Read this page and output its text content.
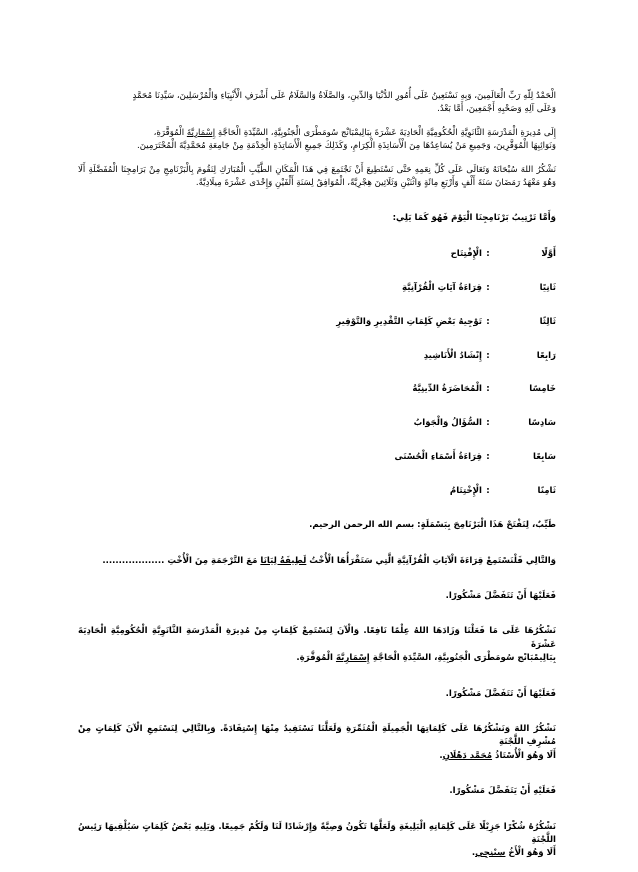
الْحَمْدُ لِلّهِ رَبِّ الْعَالَمِينَ، وَبِهِ نَسْتَعِينُ عَلَى أُمُورِ الدُّنْيَا وَالدِّينِ، وَالصَّلَاةُ وَالسَّلَامُ عَلَى أَشْرَفِ الْأَنْبِيَاءِ وَالْمُرْسَلِينَ، سَيِّدِنَا مُحَمَّدٍ
وَعَلَى آلِهِ وَصَحْبِهِ أَجْمَعِينَ، أَمَّا بَعْدُ.
إِلَى مُدِيرَةِ الْمَدْرَسَةِ الثَّانَوِيَّةِ الْحُكُومِيَّةِ الْحَادِيَةَ عَشْرَةَ بِبَالِيمْبَانْج سُومَطْرَى الْجَنُوبِيَّةِ، السَّيِّدَةِ الْحَاجَّةِ إِسْمَارِيَّةَ الْمُوَقَّرَةِ،
وَنَوَائِبِهَا الْمُوَقَّرِينَ، وَجَمِيعِ مَنْ يُسَاعِدُهَا مِنَ الْأَسَاتِذَةِ الْكِرَامِ، وَكَذَلِكَ جَمِيعِ الْأَسَاتِذَةِ الْخِدْمَةِ مِنْ جَامِعَةِ مُحَمَّدِيَّةَ الْمُحْتَرَمِينَ.
نَشْكُرُ اللهَ سُبْحَانَهُ وَتَعَالَى عَلَى كُلِّ نِعَمِهِ حَتَّى نَسْتَطِيعَ أَنْ نَجْتَمِعَ فِي هَذَا الْمَكَانِ الطَّيِّبِ الْمُبَارَكِ لِنَقُومَ بِالْبَرْنَامِجِ مِنْ بَرَامِجِنَا الْمُفَضَّلَةِ أَلَا وَهُوَ مَعْهَدُ رَمَضَانَ سَنَةَ أَلْفٍ وَأَرْبَعِ مِائَةٍ وَاثْنَيْنِ وَثَلَاثِينَ هِجْرِيَّةً، الْمُوَافِقُ لِسَنَةِ أَلْفَيْنِ وَإِحْدَى عَشْرَةَ مِيلَادِيَّةً.
وَأَمَّا تَرْتِيبُ بَرْنَامِجِنَا الْيَوْمَ فَهُوَ كَمَا يَلِي:
أَوَّلًا
:
الْإِفْتِتَاح
ثَانِيًا
:
قِرَاءَةُ آيَاتِ الْقُرْآنِيَّةِ
ثَالِثًا
:
تَوْجِيهُ بَعْضِ كَلِمَاتِ التَّقْدِيرِ وَالتَّوْقِيرِ
رَابِعًا
:
إِنْشَادُ الْأَنَاشِيدِ
خَامِسًا
:
الْمُحَاضَرَةُ الدِّينِيَّةُ
سَادِسًا
:
السُّؤَالُ وَالْجَوَابُ
سَابِعًا
:
قِرَاءَةُ أَسْمَاءِ الْحُسْنَى
ثَامِنًا
:
الْإِخْتِتَامُ
طَيِّبٌ، لِنَفْتَحْ هَذَا الْبَرْنَامِجَ بِبَسْمَلَةٍ: بسم الله الرحمن الرحيم.
وَالتَّالِي فَلْنَسْتَمِعْ قِرَاءَةَ الْآيَاتِ الْقُرْآنِيَّةِ الَّتِي سَتَقْرَأُهَا الْأُخْتُ لَطِيفَةُ لِيَانَا مَعَ التَّرْجَمَةِ مِنَ الْأُخْتِ ...................
فَعَلَيْهَا أَنْ تَتَفَضَّلَ مَشْكُورًا.
نَشْكُرُهَا عَلَى مَا فَعَلْنَا وَزَادَهَا اللهُ عِلْمًا نَافِعًا. وَالْآنَ لِنَسْتَمِعْ كَلِمَاتٍ مِنْ مُدِيرَةِ الْمَدْرَسَةِ الثَّانَوِيَّةِ الْحُكُومِيَّةِ الْحَادِيَةَ عَشْرَةَ
بِبَالِيمْبَانْج سُومَطْرَى الْجَنُوبِيَّةِ، السَّيِّدَةِ الْحَاجَّةِ إِسْمَارِيَّةَ الْمُوَقَّرَةِ.
فَعَلَيْهَا أَنْ تَتَفَضَّلَ مَشْكُورًا.
نَشْكُرُ اللهَ وَنَشْكُرُهَا عَلَى كَلِمَاتِهَا الْجَمِيلَةِ الْمُثَمِّرَةِ وَلَعَلَّنَا نَسْتَفِيدُ مِنْهَا إِسْتِفَادَةً. وَبِالتَّالِي لِنَسْتَمِعِ الْآنَ كَلِمَاتٍ مِنْ مُشْرِفِ اللَّجْنَةِ
أَلَا وَهُوَ الْأُسْتَاذُ مُحَمَّد دَهْلَانِ.
فَعَلَيْهِ أَنْ يَتَفَضَّلَ مَشْكُورًا.
نَشْكُرُهُ شُكْرًا جَزِيْلًا عَلَى كَلِمَاتِهِ الْبَلِيغَةِ وَلَعَلَّهَا تَكُونُ وَصِيَّةً وَإِرْشَادًا لَنَا وَلَكُمْ جَمِيعًا. وَيَلِيهِ بَعْضُ كَلِمَاتٍ سَيُلْقِيهَا رَئِيسُ اللَّجْنَةِ
أَلَا وَهُوَ الْأَخُ سِيْنِجِي.
